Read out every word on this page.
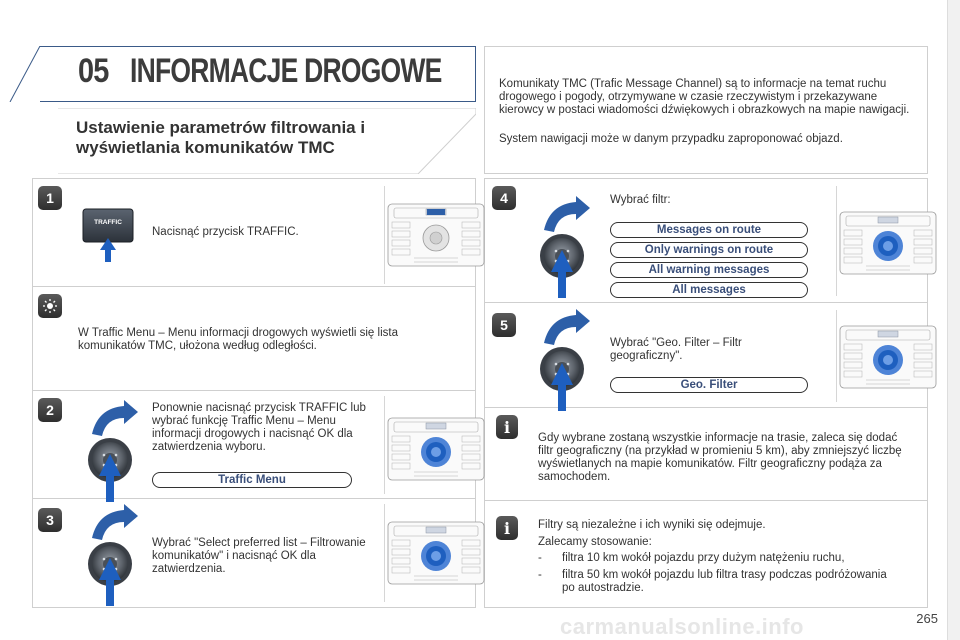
05 INFORMACJE DROGOWE
Ustawienie parametrów filtrowania i wyświetlania komunikatów TMC
Komunikaty TMC (Trafic Message Channel) są to informacje na temat ruchu drogowego i pogody, otrzymywane w czasie rzeczywistym i przekazywane kierowcy w postaci wiadomości dźwiękowych i obrazkowych na mapie nawigacji.
System nawigacji może w danym przypadku zaproponować objazd.
1
TRAFFIC
Nacisnąć przycisk TRAFFIC.
W Traffic Menu – Menu informacji drogowych wyświetli się lista komunikatów TMC, ułożona według odległości.
2	Ponownie nacisnąć przycisk TRAFFIC lub wybrać funkcję Traffic Menu – Menu informacji drogowych i nacisnąć OK dla zatwierdzenia wyboru.
Traffic Menu
3
Wybrać "Select preferred list – Filtrowanie komunikatów" i nacisnąć OK dla zatwierdzenia.
4	Wybrać filtr:
Messages on route
Only warnings on route
All warning messages
All messages
5
Wybrać "Geo. Filter – Filtr geograficzny".
Geo. Filter
i
Gdy wybrane zostaną wszystkie informacje na trasie, zaleca się dodać filtr geograficzny (na przykład w promieniu 5 km), aby zmniejszyć liczbę wyświetlanych na mapie komunikatów. Filtr geograficzny podąża za samochodem.
i	Filtry są niezależne i ich wyniki się odejmuje.
Zalecamy stosowanie:
- filtra 10 km wokół pojazdu przy dużym natężeniu ruchu,
- filtra 50 km wokół pojazdu lub filtra trasy podczas podróżowania po autostradzie.
carmanualsonline.info	265
